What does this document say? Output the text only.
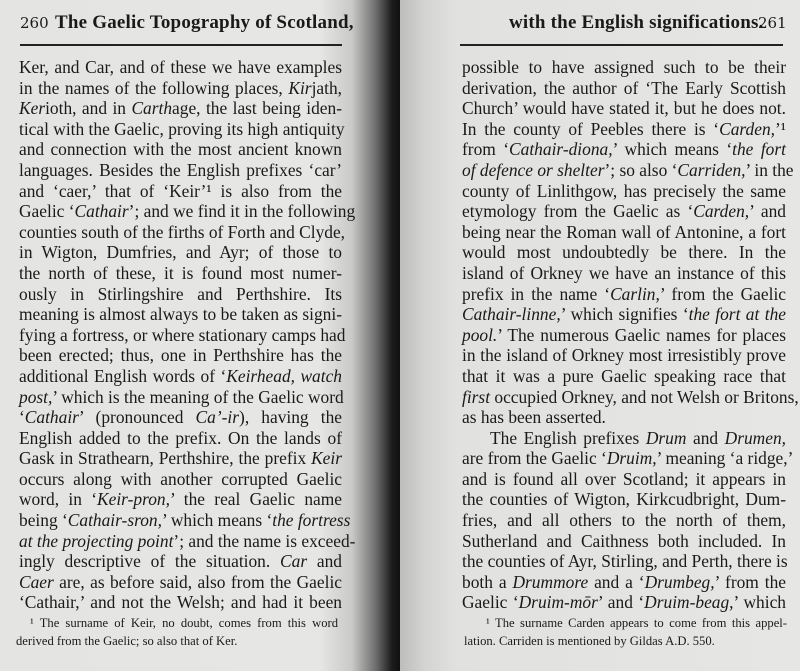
260 The Gaelic Topography of Scotland,
Ker, and Car, and of these we have examples
in the names of the following places, Kirjath,
Kerioth, and in Carthage, the last being iden-
tical with the Gaelic, proving its high antiquity
and connection with the most ancient known
languages. Besides the English prefixes ‘car’
and ‘caer,’ that of ‘Keir’¹ is also from the
Gaelic ‘Cathair’; and we find it in the following
counties south of the firths of Forth and Clyde,
in Wigton, Dumfries, and Ayr; of those to
the north of these, it is found most numer-
ously in Stirlingshire and Perthshire. Its
meaning is almost always to be taken as signi-
fying a fortress, or where stationary camps had
been erected; thus, one in Perthshire has the
additional English words of ‘Keirhead, watch
post,’ which is the meaning of the Gaelic word
‘Cathair’ (pronounced Ca’-ir), having the
English added to the prefix. On the lands of
Gask in Strathearn, Perthshire, the prefix Keir
occurs along with another corrupted Gaelic
word, in ‘Keir-pron,’ the real Gaelic name
being ‘Cathair-sron,’ which means ‘the fortress
at the projecting point’; and the name is exceed-
ingly descriptive of the situation. Car and
Caer are, as before said, also from the Gaelic
‘Cathair,’ and not the Welsh; and had it been
¹ The surname of Keir, no doubt, comes from this word
derived from the Gaelic; so also that of Ker.
with the English significations.
261
possible to have assigned such to be their
derivation, the author of ‘The Early Scottish
Church’ would have stated it, but he does not.
In the county of Peebles there is ‘Carden,’¹
from ‘Cathair-diona,’ which means ‘the fort
of defence or shelter’; so also ‘Carriden,’ in the
county of Linlithgow, has precisely the same
etymology from the Gaelic as ‘Carden,’ and
being near the Roman wall of Antonine, a fort
would most undoubtedly be there. In the
island of Orkney we have an instance of this
prefix in the name ‘Carlin,’ from the Gaelic
Cathair-linne,’ which signifies ‘the fort at the
pool.’ The numerous Gaelic names for places
in the island of Orkney most irresistibly prove
that it was a pure Gaelic speaking race that
first occupied Orkney, and not Welsh or Britons,
as has been asserted.
The English prefixes Drum and Drumen,
are from the Gaelic ‘Druim,’ meaning ‘a ridge,’
and is found all over Scotland; it appears in
the counties of Wigton, Kirkcudbright, Dum-
fries, and all others to the north of them,
Sutherland and Caithness both included. In
the counties of Ayr, Stirling, and Perth, there is
both a Drummore and a ‘Drumbeg,’ from the
Gaelic ‘Druim-mōr’ and ‘Druim-beag,’ which
¹ The surname Carden appears to come from this appel-
lation. Carriden is mentioned by Gildas A.D. 550.
